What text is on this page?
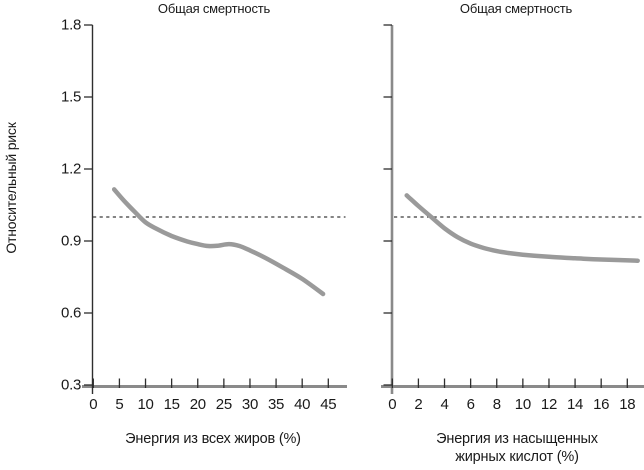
Общая смертность	Общая смертность
Относительный риск
Энергия из всех жиров (%)	Энергия из насыщенных
жирных кислот (%)
0 5 10 15 20 25 30 35 40 45
1.8
1.5
1.2
0.9
0.6
0.3
0 2 4 6 8 10 12 14 16 18
